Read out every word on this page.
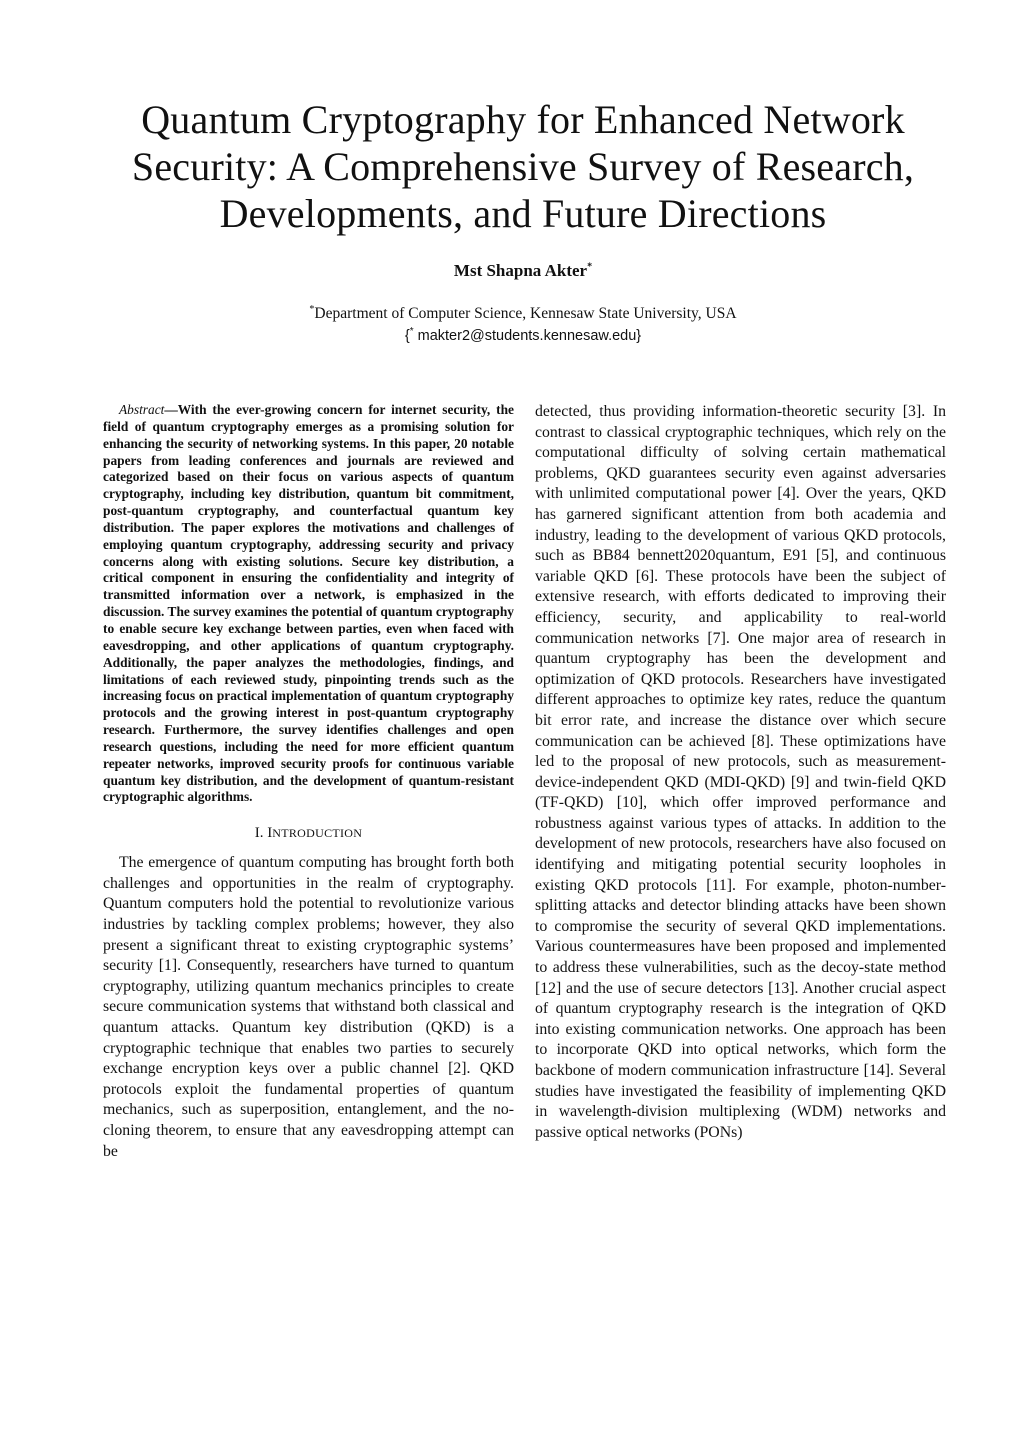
Quantum Cryptography for Enhanced Network Security: A Comprehensive Survey of Research, Developments, and Future Directions
Mst Shapna Akter*
*Department of Computer Science, Kennesaw State University, USA
{* makter2@students.kennesaw.edu}

Abstract—With the ever-growing concern for internet security, the field of quantum cryptography emerges as a promising solution for enhancing the security of networking systems. In this paper, 20 notable papers from leading conferences and journals are reviewed and categorized based on their focus on various aspects of quantum cryptography, including key distribution, quantum bit commitment, post-quantum cryptography, and counterfactual quantum key distribution. The paper explores the motivations and challenges of employing quantum cryptography, addressing security and privacy concerns along with existing solutions. Secure key distribution, a critical component in ensuring the confidentiality and integrity of transmitted information over a network, is emphasized in the discussion. The survey examines the potential of quantum cryptography to enable secure key exchange between parties, even when faced with eavesdropping, and other applications of quantum cryptography. Additionally, the paper analyzes the methodologies, findings, and limitations of each reviewed study, pinpointing trends such as the increasing focus on practical implementation of quantum cryptography protocols and the growing interest in post-quantum cryptography research. Furthermore, the survey identifies challenges and open research questions, including the need for more efficient quantum repeater networks, improved security proofs for continuous variable quantum key distribution, and the development of quantum-resistant cryptographic algorithms.

I. INTRODUCTION

The emergence of quantum computing has brought forth both challenges and opportunities in the realm of cryptography. Quantum computers hold the potential to revolutionize various industries by tackling complex problems; however, they also present a significant threat to existing cryptographic systems’ security [1]. Consequently, researchers have turned to quantum cryptography, utilizing quantum mechanics principles to create secure communication systems that withstand both classical and quantum attacks. Quantum key distribution (QKD) is a cryptographic technique that enables two parties to securely exchange encryption keys over a public channel [2]. QKD protocols exploit the fundamental properties of quantum mechanics, such as superposition, entanglement, and the no-cloning theorem, to ensure that any eavesdropping attempt can be

detected, thus providing information-theoretic security [3]. In contrast to classical cryptographic techniques, which rely on the computational difficulty of solving certain mathematical problems, QKD guarantees security even against adversaries with unlimited computational power [4]. Over the years, QKD has garnered significant attention from both academia and industry, leading to the development of various QKD protocols, such as BB84 bennett2020quantum, E91 [5], and continuous variable QKD [6]. These protocols have been the subject of extensive research, with efforts dedicated to improving their efficiency, security, and applicability to real-world communication networks [7]. One major area of research in quantum cryptography has been the development and optimization of QKD protocols. Researchers have investigated different approaches to optimize key rates, reduce the quantum bit error rate, and increase the distance over which secure communication can be achieved [8]. These optimizations have led to the proposal of new protocols, such as measurement-device-independent QKD (MDI-QKD) [9] and twin-field QKD (TF-QKD) [10], which offer improved performance and robustness against various types of attacks. In addition to the development of new protocols, researchers have also focused on identifying and mitigating potential security loopholes in existing QKD protocols [11]. For example, photon-number-splitting attacks and detector blinding attacks have been shown to compromise the security of several QKD implementations. Various countermeasures have been proposed and implemented to address these vulnerabilities, such as the decoy-state method [12] and the use of secure detectors [13]. Another crucial aspect of quantum cryptography research is the integration of QKD into existing communication networks. One approach has been to incorporate QKD into optical networks, which form the backbone of modern communication infrastructure [14]. Several studies have investigated the feasibility of implementing QKD in wavelength-division multiplexing (WDM) networks and passive optical networks (PONs)
